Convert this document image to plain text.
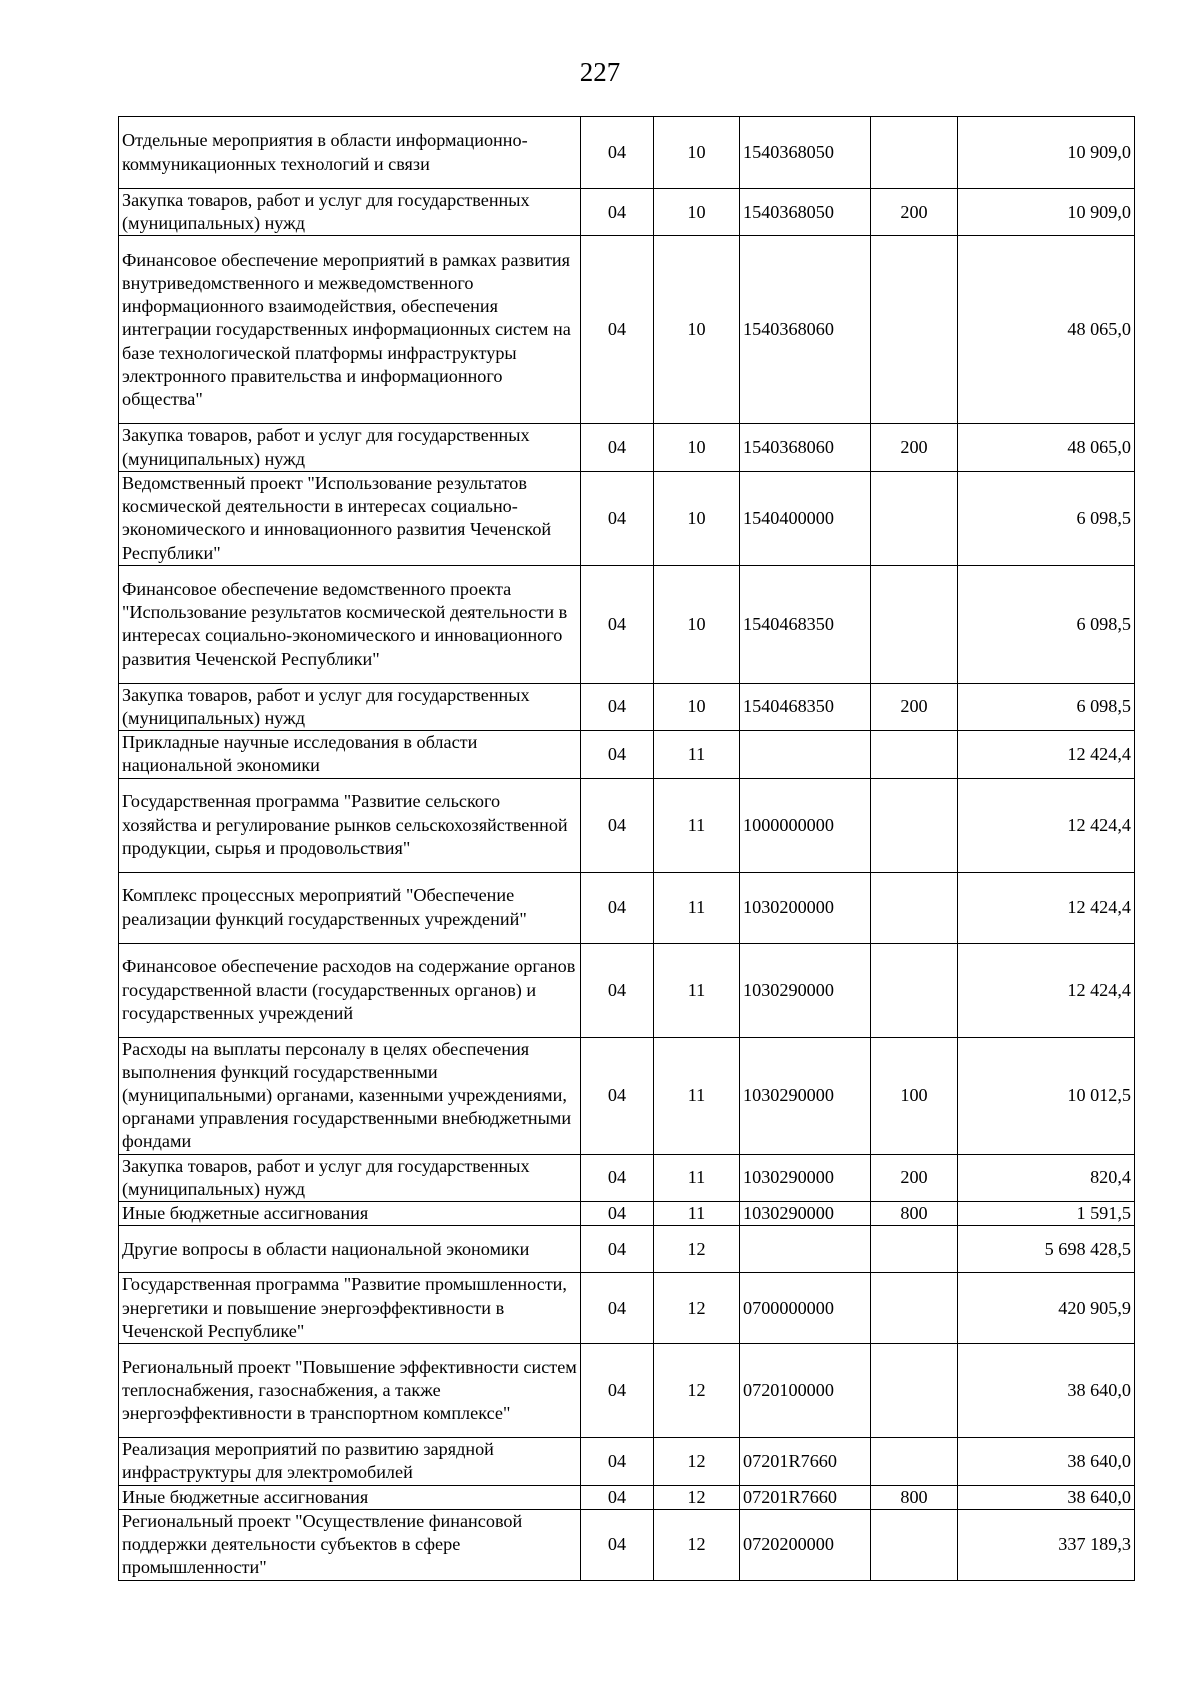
227
Отдельные мероприятия в области информационно-коммуникационных технологий и связи	04	10	1540368050		10 909,0
Закупка товаров, работ и услуг для государственных (муниципальных) нужд	04	10	1540368050	200	10 909,0
Финансовое обеспечение мероприятий в рамках развития внутриведомственного и межведомственного информационного взаимодействия, обеспечения интеграции государственных информационных систем на базе технологической платформы инфраструктуры электронного правительства и информационного общества"	04	10	1540368060		48 065,0
Закупка товаров, работ и услуг для государственных (муниципальных) нужд	04	10	1540368060	200	48 065,0
Ведомственный проект "Использование результатов космической деятельности в интересах социально-экономического и инновационного развития Чеченской Республики"	04	10	1540400000		6 098,5
Финансовое обеспечение ведомственного проекта "Использование результатов космической деятельности в интересах социально-экономического и инновационного развития Чеченской Республики"	04	10	1540468350		6 098,5
Закупка товаров, работ и услуг для государственных (муниципальных) нужд	04	10	1540468350	200	6 098,5
Прикладные научные исследования в области национальной экономики	04	11			12 424,4
Государственная программа "Развитие сельского хозяйства и регулирование рынков сельскохозяйственной продукции, сырья и продовольствия"	04	11	1000000000		12 424,4
Комплекс процессных мероприятий "Обеспечение реализации функций государственных учреждений"	04	11	1030200000		12 424,4
Финансовое обеспечение расходов на содержание органов государственной власти (государственных органов) и государственных учреждений	04	11	1030290000		12 424,4
Расходы на выплаты персоналу в целях обеспечения выполнения функций государственными (муниципальными) органами, казенными учреждениями, органами управления государственными внебюджетными фондами	04	11	1030290000	100	10 012,5
Закупка товаров, работ и услуг для государственных (муниципальных) нужд	04	11	1030290000	200	820,4
Иные бюджетные ассигнования	04	11	1030290000	800	1 591,5
Другие вопросы в области национальной экономики	04	12			5 698 428,5
Государственная программа "Развитие промышленности, энергетики и повышение энергоэффективности в Чеченской Республике"	04	12	0700000000		420 905,9
Региональный проект "Повышение эффективности систем теплоснабжения, газоснабжения, а также энергоэффективности в транспортном комплексе"	04	12	0720100000		38 640,0
Реализация мероприятий по развитию зарядной инфраструктуры для электромобилей	04	12	07201R7660		38 640,0
Иные бюджетные ассигнования	04	12	07201R7660	800	38 640,0
Региональный проект "Осуществление финансовой поддержки деятельности субъектов в сфере промышленности"	04	12	0720200000		337 189,3
